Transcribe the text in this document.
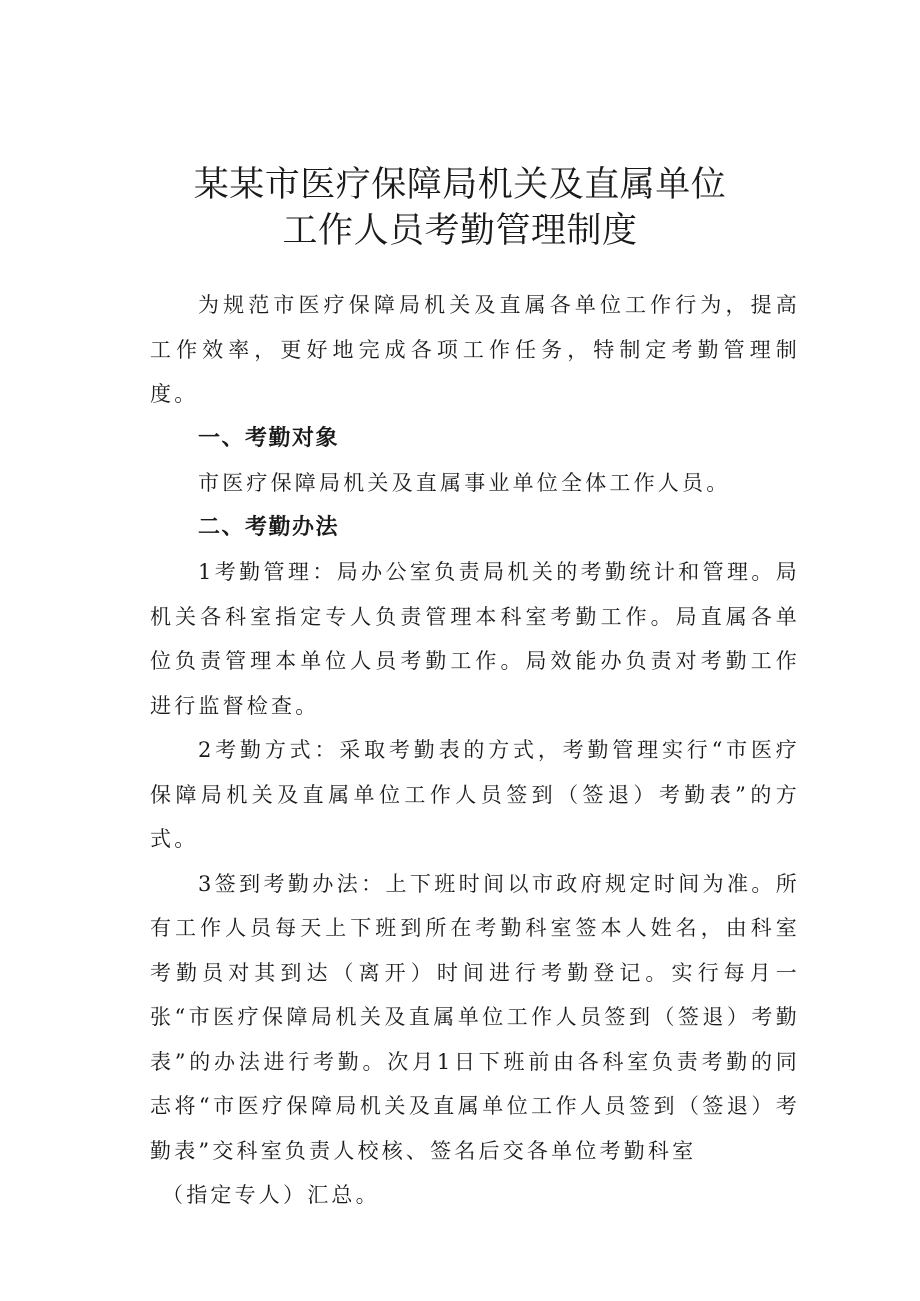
某某市医疗保障局机关及直属单位
工作人员考勤管理制度

为规范市医疗保障局机关及直属各单位工作行为，提高工作效率，更好地完成各项工作任务，特制定考勤管理制度。

一、考勤对象

市医疗保障局机关及直属事业单位全体工作人员。

二、考勤办法

1考勤管理：局办公室负责局机关的考勤统计和管理。局机关各科室指定专人负责管理本科室考勤工作。局直属各单位负责管理本单位人员考勤工作。局效能办负责对考勤工作进行监督检查。

2考勤方式：采取考勤表的方式，考勤管理实行“市医疗保障局机关及直属单位工作人员签到（签退）考勤表”的方式。

3签到考勤办法：上下班时间以市政府规定时间为准。所有工作人员每天上下班到所在考勤科室签本人姓名，由科室考勤员对其到达（离开）时间进行考勤登记。实行每月一张“市医疗保障局机关及直属单位工作人员签到（签退）考勤表”的办法进行考勤。次月1日下班前由各科室负责考勤的同志将“市医疗保障局机关及直属单位工作人员签到（签退）考勤表”交科室负责人校核、签名后交各单位考勤科室

（指定专人）汇总。
